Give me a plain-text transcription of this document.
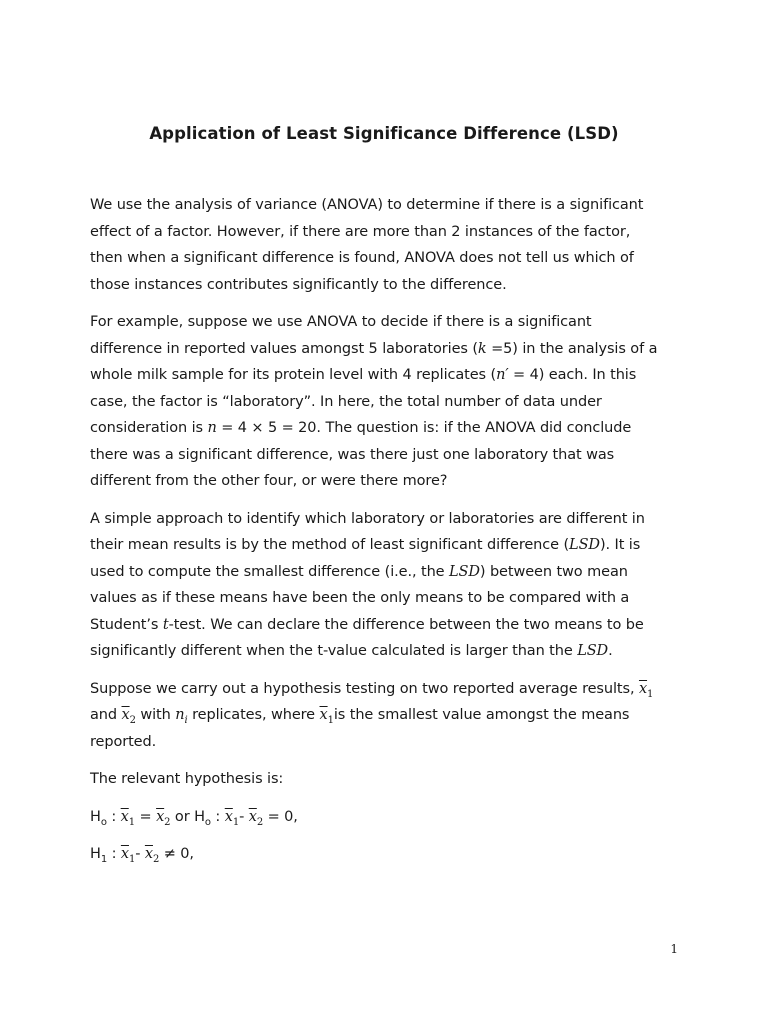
Application of Least Significance Difference (LSD)

We use the analysis of variance (ANOVA) to determine if there is a significant
effect of a factor. However, if there are more than 2 instances of the factor,
then when a significant difference is found, ANOVA does not tell us which of
those instances contributes significantly to the difference.

For example, suppose we use ANOVA to decide if there is a significant
difference in reported values amongst 5 laboratories (k =5) in the analysis of a
whole milk sample for its protein level with 4 replicates (n′ = 4) each. In this
case, the factor is “laboratory”. In here, the total number of data under
consideration is n = 4 × 5 = 20. The question is: if the ANOVA did conclude
there was a significant difference, was there just one laboratory that was
different from the other four, or were there more?

A simple approach to identify which laboratory or laboratories are different in
their mean results is by the method of least significant difference (LSD). It is
used to compute the smallest difference (i.e., the LSD) between two mean
values as if these means have been the only means to be compared with a
Student’s t-test. We can declare the difference between the two means to be
significantly different when the t-value calculated is larger than the LSD.

Suppose we carry out a hypothesis testing on two reported average results, $\overline{x}_1$
and $\overline{x}_2$ with $n_i$ replicates, where $\overline{x}_1is$ the smallest value amongst the means
reported.

The relevant hypothesis is:

$H_o$ : $\overline{x}_1 = \overline{x}_2$ or $H_o$ : $\overline{x}_1-$ $\overline{x}_2 = 0$,

$H_1$ : $\overline{x}_1-$ $\overline{x}_2 \ne 0$,

1
